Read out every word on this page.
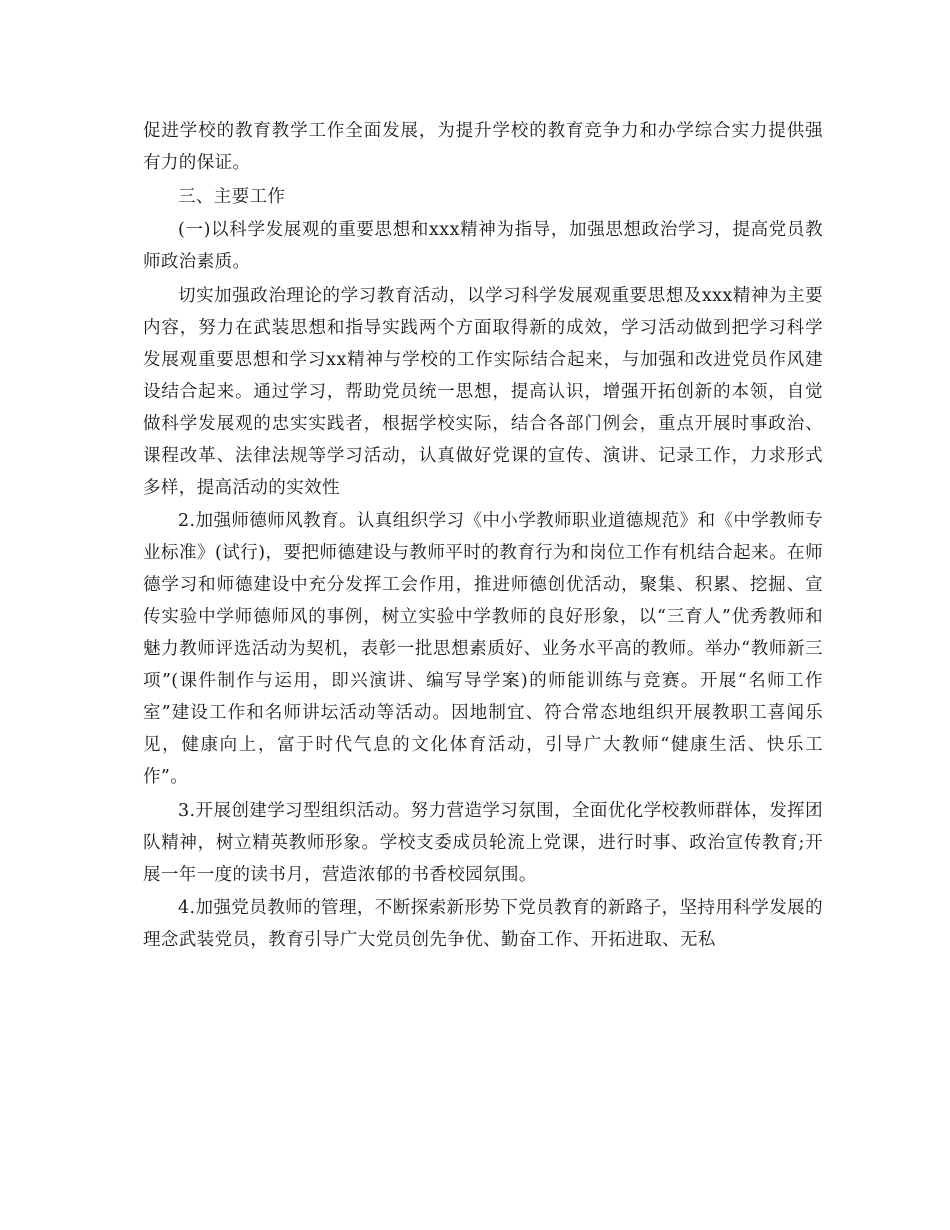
促进学校的教育教学工作全面发展，为提升学校的教育竞争力和办学综合实力提供强有力的保证。

三、主要工作

(一)以科学发展观的重要思想和xxx精神为指导，加强思想政治学习，提高党员教师政治素质。

切实加强政治理论的学习教育活动，以学习科学发展观重要思想及xxx精神为主要内容，努力在武装思想和指导实践两个方面取得新的成效，学习活动做到把学习科学发展观重要思想和学习xx精神与学校的工作实际结合起来，与加强和改进党员作风建设结合起来。通过学习，帮助党员统一思想，提高认识，增强开拓创新的本领，自觉做科学发展观的忠实实践者，根据学校实际，结合各部门例会，重点开展时事政治、课程改革、法律法规等学习活动，认真做好党课的宣传、演讲、记录工作，力求形式多样，提高活动的实效性

2.加强师德师风教育。认真组织学习《中小学教师职业道德规范》和《中学教师专业标准》(试行)，要把师德建设与教师平时的教育行为和岗位工作有机结合起来。在师德学习和师德建设中充分发挥工会作用，推进师德创优活动，聚集、积累、挖掘、宣传实验中学师德师风的事例，树立实验中学教师的良好形象，以“三育人”优秀教师和魅力教师评选活动为契机，表彰一批思想素质好、业务水平高的教师。举办“教师新三项”(课件制作与运用，即兴演讲、编写导学案)的师能训练与竞赛。开展“名师工作室”建设工作和名师讲坛活动等活动。因地制宜、符合常态地组织开展教职工喜闻乐见，健康向上，富于时代气息的文化体育活动，引导广大教师“健康生活、快乐工作”。

3.开展创建学习型组织活动。努力营造学习氛围，全面优化学校教师群体，发挥团队精神，树立精英教师形象。学校支委成员轮流上党课，进行时事、政治宣传教育;开展一年一度的读书月，营造浓郁的书香校园氛围。

4.加强党员教师的管理，不断探索新形势下党员教育的新路子，坚持用科学发展的理念武装党员，教育引导广大党员创先争优、勤奋工作、开拓进取、无私
